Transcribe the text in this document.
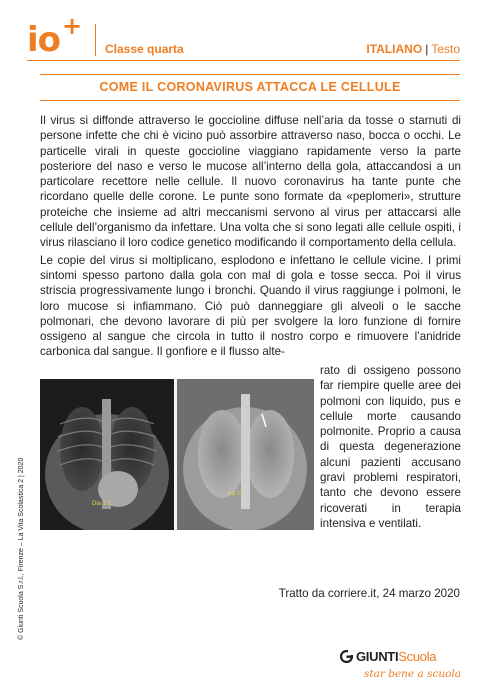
io +
Classe quarta	ITALIANO | Testo
COME IL CORONAVIRUS ATTACCA LE CELLULE

Il virus si diffonde attraverso le goccioline diffuse nell’aria da tosse o starnuti di persone infette che chi è vicino può assorbire attraverso naso, bocca o occhi. Le particelle virali in queste goccioline viaggiano rapidamente verso la parte posteriore del naso e verso le mucose all’interno della gola, attaccandosi a un particolare recettore nelle cellule. Il nuovo coronavirus ha tante punte che ricordano quelle delle corone. Le punte sono formate da «peplomeri», strutture proteiche che insieme ad altri meccanismi servono al virus per attaccarsi alle cellule dell’organismo da infettare. Una volta che si sono legati alle cellule ospiti, i virus rilasciano il loro codice genetico modificando il comportamento della cellula.

Le copie del virus si moltiplicano, esplodono e infettano le cellule vicine. I primi sintomi spesso partono dalla gola con mal di gola e tosse secca. Poi il virus striscia progressivamente lungo i bronchi. Quando il virus raggiunge i polmoni, le loro mucose si infiammano. Ciò può danneggiare gli alveoli o le sacche polmonari, che devono lavorare di più per svolgere la loro funzione di fornire ossigeno al sangue che circola in tutto il nostro corpo e rimuovere l’anidride carbonica dal sangue. Il gonfiore e il flusso alte-

Dia 1.2
Dia 10
rato di ossigeno possono far riempire quelle aree dei polmoni con liquido, pus e cellule morte causando polmonite. Proprio a causa di questa degenerazione alcuni pazienti accusano gravi problemi respiratori, tanto che devono essere ricoverati in terapia intensiva e ventilati.
Tratto da corriere.it, 24 marzo 2020
© Giunti Scuola S.r.l., Firenze – La Vita Scolastica 2 | 2020
GIUNTIScuola
star bene a scuola
